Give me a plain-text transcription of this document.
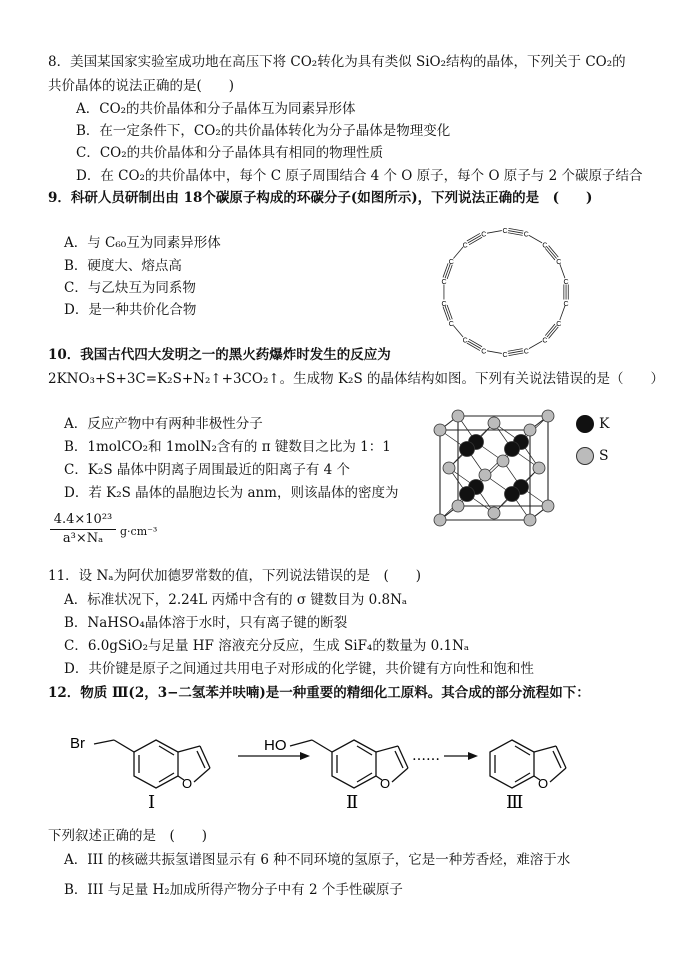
8．美国某国家实验室成功地在高压下将 CO₂转化为具有类似 SiO₂结构的晶体，下列关于 CO₂的
共价晶体的说法正确的是(　　)
A．CO₂的共价晶体和分子晶体互为同素异形体
B．在一定条件下，CO₂的共价晶体转化为分子晶体是物理变化
C．CO₂的共价晶体和分子晶体具有相同的物理性质
D．在 CO₂的共价晶体中，每个 C 原子周围结合 4 个 O 原子，每个 O 原子与 2 个碳原子结合
9．科研人员研制出由 18个碳原子构成的环碳分子(如图所示)，下列说法正确的是　(　　)
A．与 C₆₀互为同素异形体
B．硬度大、熔点高
C．与乙炔互为同系物
D．是一种共价化合物
C
C
C
C
C
C
C
C
C
C
C
C
C
C
C
C
C
C
10．我国古代四大发明之一的黑火药爆炸时发生的反应为
2KNO₃+S+3C=K₂S+N₂↑+3CO₂↑。生成物 K₂S 的晶体结构如图。下列有关说法错误的是（　　）
A．反应产物中有两种非极性分子
B．1molCO₂和 1molN₂含有的 π 键数目之比为 1：1
C．K₂S 晶体中阴离子周围最近的阳离子有 4 个
D．若 K₂S 晶体的晶胞边长为 anm，则该晶体的密度为
4.4×10²³
a³×Nₐ	g·cm⁻³
K
S
11．设 Nₐ为阿伏加德罗常数的值，下列说法错误的是　(　　)
A．标准状况下，2.24L 丙烯中含有的 σ 键数目为 0.8Nₐ
B．NaHSO₄晶体溶于水时，只有离子键的断裂
C．6.0gSiO₂与足量 HF 溶液充分反应，生成 SiF₄的数量为 0.1Nₐ
D．共价键是原子之间通过共用电子对形成的化学键，共价键有方向性和饱和性
12．物质 Ⅲ(2，3−二氢苯并呋喃)是一种重要的精细化工原料。其合成的部分流程如下：
Br
O
Ⅰ
HO
O
Ⅱ
……
O
Ⅲ
下列叙述正确的是　(　　)
A．III 的核磁共振氢谱图显示有 6 种不同环境的氢原子，它是一种芳香烃，难溶于水
B．III 与足量 H₂加成所得产物分子中有 2 个手性碳原子
